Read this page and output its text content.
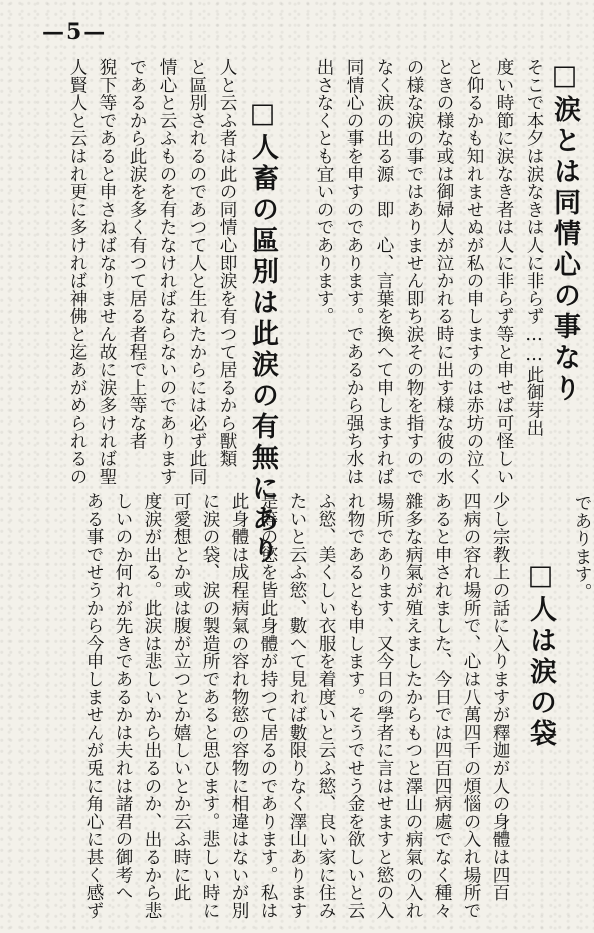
—5—
□涙とは同情心の事なり
そこで本夕は涙なきは人に非らず……此御芽出
度い時節に涙なき者は人に非らず等と申せば可怪しい
と仰るかも知れませぬが私の申しますのは赤坊の泣く
ときの様な或は御婦人が泣かれる時に出す様な彼の水
の様な涙の事ではありません即ち涙その物を指すので
なく涙の出る源　即　心、言葉を換へて申しますれば
同情心の事を申すのであります。であるから强ち水は
出さなくとも宜いのであります。
□人畜の區別は此涙の有無にあり
人と云ふ者は此の同情心即涙を有つて居るから獸類
と區別されるのであつて人と生れたからには必ず此同
情心と云ふものを有たなければならないのであります
であるから此涙を多く有つて居る者程で上等な者
猊下等であると申さねばなりません故に涙多ければ聖
人賢人と云はれ更に多ければ神佛と迄あがめられるの
であります。
□人は涙の袋
少し宗教上の話に入りますが釋迦が人の身體は四百
四病の容れ場所で、心は八萬四千の煩惱の入れ場所で
あると申されました、今日では四百四病處でなく種々
雜多な病氣が殖えましたからもつと澤山の病氣の入れ
場所であります、又今日の學者に言はせますと慾の入
れ物であるとも申します。そうでせう金を欲しいと云
ふ慾、美くしい衣服を着度いと云ふ慾、良い家に住み
たいと云ふ慾、數へて見れば數限りなく澤山あります
是等の慾を皆此身體が持つて居るのであります。私は
此身體は成程病氣の容れ物慾の容物に相違はないが別
に涙の袋、涙の製造所であると思ひます。悲しい時に
可愛想とか或は腹が立つとか嬉しいとか云ふ時に此
度涙が出る。此涙は悲しいから出るのか、出るから悲
しいのか何れが先きであるかは夫れは諸君の御考へ
ある事でせうから今申しませんが兎に角心に甚く感ず
